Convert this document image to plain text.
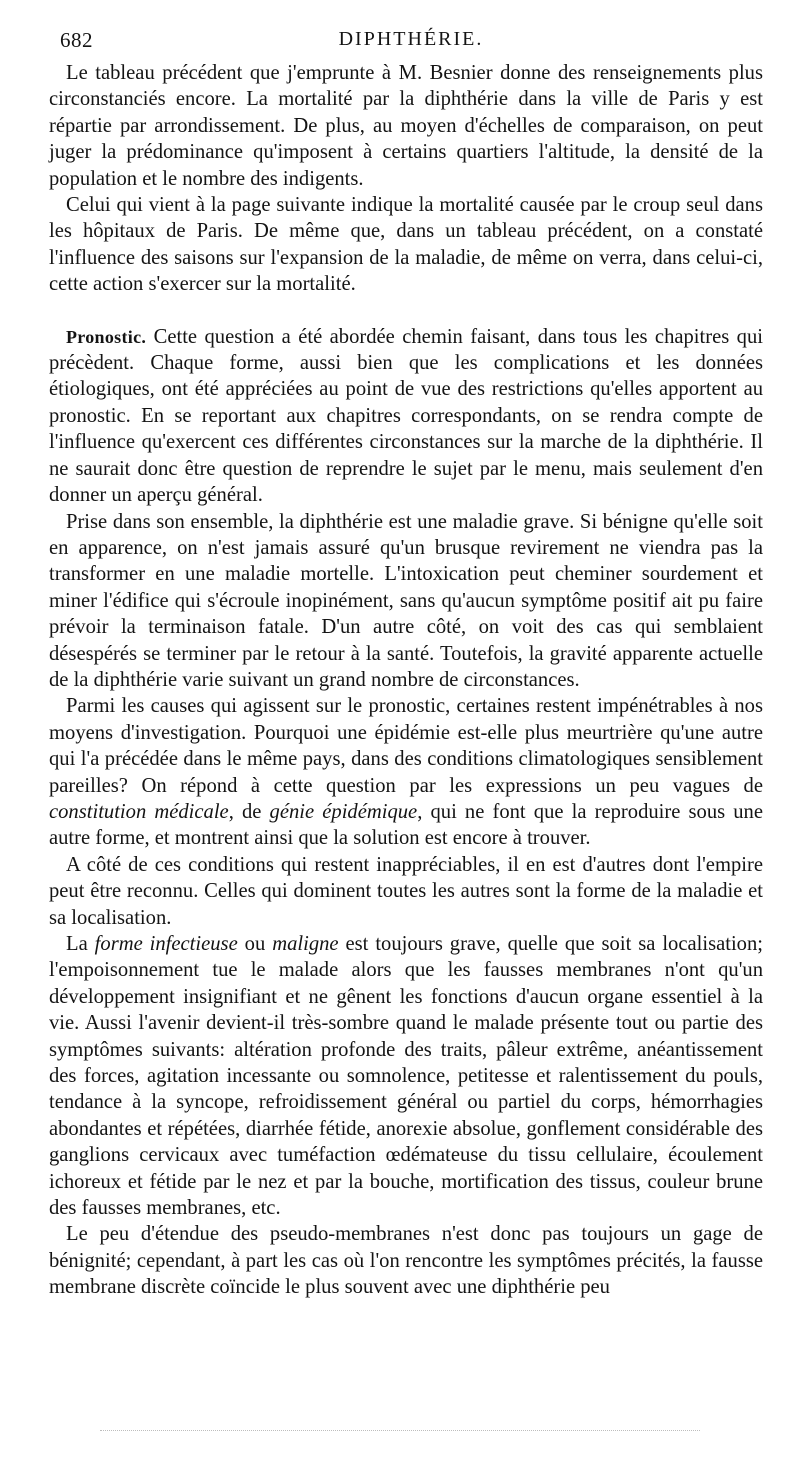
682	DIPHTHÉRIE.

Le tableau précédent que j'emprunte à M. Besnier donne des renseignements plus circonstanciés encore. La mortalité par la diphthérie dans la ville de Paris y est répartie par arrondissement. De plus, au moyen d'échelles de comparaison, on peut juger la prédominance qu'imposent à certains quartiers l'altitude, la densité de la population et le nombre des indigents.

Celui qui vient à la page suivante indique la mortalité causée par le croup seul dans les hôpitaux de Paris. De même que, dans un tableau précédent, on a constaté l'influence des saisons sur l'expansion de la maladie, de même on verra, dans celui-ci, cette action s'exercer sur la mortalité.

Pronostic. Cette question a été abordée chemin faisant, dans tous les chapitres qui précèdent. Chaque forme, aussi bien que les complications et les données étiologiques, ont été appréciées au point de vue des restrictions qu'elles apportent au pronostic. En se reportant aux chapitres correspondants, on se rendra compte de l'influence qu'exercent ces différentes circonstances sur la marche de la diphthérie. Il ne saurait donc être question de reprendre le sujet par le menu, mais seulement d'en donner un aperçu général.

Prise dans son ensemble, la diphthérie est une maladie grave. Si bénigne qu'elle soit en apparence, on n'est jamais assuré qu'un brusque revirement ne viendra pas la transformer en une maladie mortelle. L'intoxication peut cheminer sourdement et miner l'édifice qui s'écroule inopinément, sans qu'aucun symptôme positif ait pu faire prévoir la terminaison fatale. D'un autre côté, on voit des cas qui semblaient désespérés se terminer par le retour à la santé. Toutefois, la gravité apparente actuelle de la diphthérie varie suivant un grand nombre de circonstances.

Parmi les causes qui agissent sur le pronostic, certaines restent impénétrables à nos moyens d'investigation. Pourquoi une épidémie est-elle plus meurtrière qu'une autre qui l'a précédée dans le même pays, dans des conditions climatologiques sensiblement pareilles? On répond à cette question par les expressions un peu vagues de constitution médicale, de génie épidémique, qui ne font que la reproduire sous une autre forme, et montrent ainsi que la solution est encore à trouver.

A côté de ces conditions qui restent inappréciables, il en est d'autres dont l'empire peut être reconnu. Celles qui dominent toutes les autres sont la forme de la maladie et sa localisation.

La forme infectieuse ou maligne est toujours grave, quelle que soit sa localisation; l'empoisonnement tue le malade alors que les fausses membranes n'ont qu'un développement insignifiant et ne gênent les fonctions d'aucun organe essentiel à la vie. Aussi l'avenir devient-il très-sombre quand le malade présente tout ou partie des symptômes suivants: altération profonde des traits, pâleur extrême, anéantissement des forces, agitation incessante ou somnolence, petitesse et ralentissement du pouls, tendance à la syncope, refroidissement général ou partiel du corps, hémorrhagies abondantes et répétées, diarrhée fétide, anorexie absolue, gonflement considérable des ganglions cervicaux avec tuméfaction œdémateuse du tissu cellulaire, écoulement ichoreux et fétide par le nez et par la bouche, mortification des tissus, couleur brune des fausses membranes, etc.

Le peu d'étendue des pseudo-membranes n'est donc pas toujours un gage de bénignité; cependant, à part les cas où l'on rencontre les symptômes précités, la fausse membrane discrète coïncide le plus souvent avec une diphthérie peu
